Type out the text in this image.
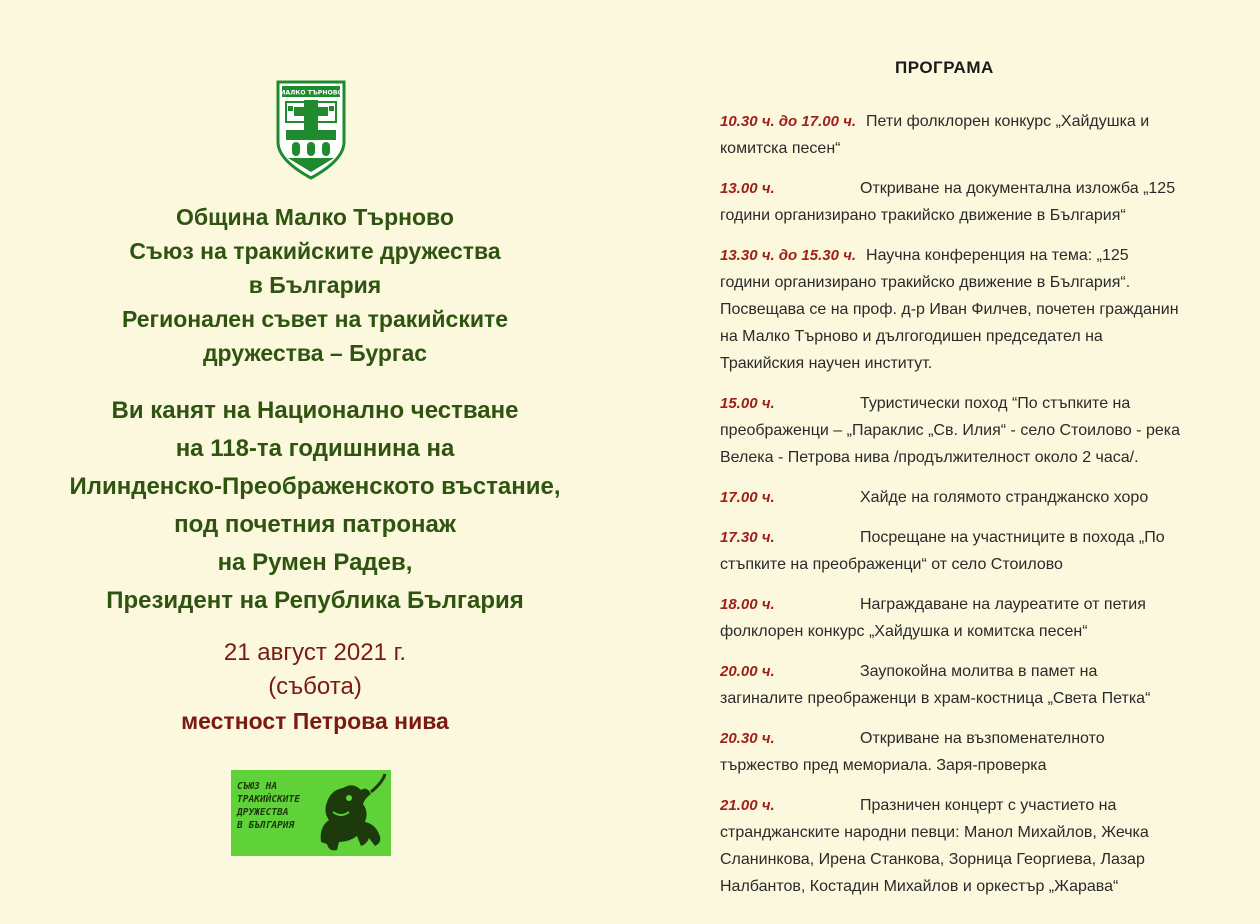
МАЛКО ТЪРНОВО
Община Малко Търново
Съюз на тракийските дружества
в България
Регионален съвет на тракийските
дружества – Бургас
Ви канят на Национално честване
на 118-та годишнина на
Илинденско-Преображенското въстание,
под почетния патронаж
на Румен Радев,
Президент на Република България
21 август 2021 г.
(събота)
местност Петрова нива
СЪЮЗ НА
ТРАКИЙСКИТЕ
ДРУЖЕСТВА
В БЪЛГАРИЯ
ПРОГРАМА
10.30 ч. до 17.00 ч. Пети фолклорен конкурс „Хайдушка и комитска песен“
13.00 ч.	Откриване на документална изложба „125 години организирано тракийско движение в България“
13.30 ч. до 15.30 ч. Научна конференция на тема: „125 години организирано тракийско движение в България“. Посвещава се на проф. д-р Иван Филчев, почетен гражданин на Малко Търново и дългогодишен председател на Тракийския научен институт.
15.00 ч.	Туристически поход “По стъпките на преображенци – „Параклис „Св. Илия“ - село Стоилово - река Велека - Петрова нива /продължителност около 2 часа/.
17.00 ч.	Хайде на голямото странджанско хоро
17.30 ч.	Посрещане на участниците в похода „По стъпките на преображенци“ от село Стоилово
18.00 ч.	Награждаване на лауреатите от петия фолклорен конкурс „Хайдушка и комитска песен“
20.00 ч.	Заупокойна молитва в памет на загиналите преображенци в храм-костница „Света Петка“
20.30 ч.	Откриване на възпоменателното тържество пред мемориала. Заря-проверка
21.00 ч.	Празничен концерт с участието на странджанските народни певци: Манол Михайлов, Жечка Сланинкова, Ирена Станкова, Зорница Георгиева, Лазар Налбантов, Костадин Михайлов и оркестър „Жарава“
